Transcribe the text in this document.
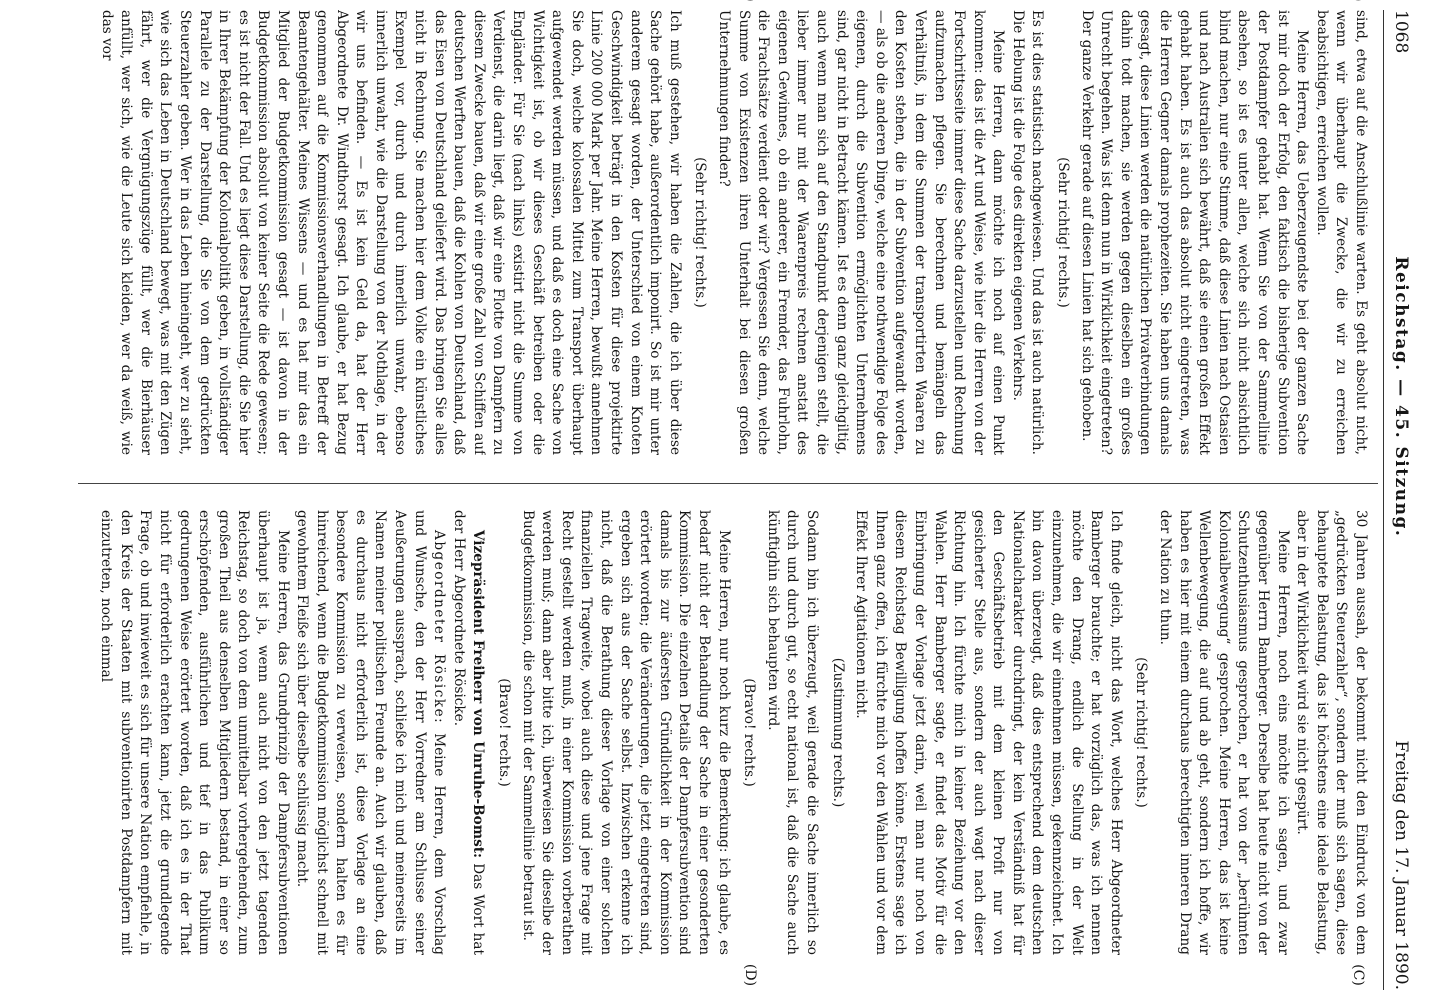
1068
Reichstag. — 45. Sitzung.
Freitag den 17. Januar 1890.
(C)
(D)

sind, etwa auf die Anschlußlinie warten. Es geht absolut nicht, wenn wir überhaupt die Zwecke, die wir zu erreichen beabsichtigen, erreichen wollen.

Meine Herren, das Ueberzeugendste bei der ganzen Sache ist mir doch der Erfolg, den faktisch die bisherige Subvention der Postdampfer gehabt hat. Wenn Sie von der Sammellinie absehen, so ist es unter allen, welche sich nicht absichtlich blind machen, nur eine Stimme, daß diese Linien nach Ostasien und nach Australien sich bewährt, daß sie einen großen Effekt gehabt haben. Es ist auch das absolut nicht eingetreten, was die Herren Gegner damals prophezeiten. Sie haben uns damals gesagt, diese Linien werden die natürlichen Privatverbindungen dahin todt machen, sie werden gegen dieselben ein großes Unrecht begehen. Was ist denn nun in Wirklichkeit eingetreten? Der ganze Verkehr gerade auf diesen Linien hat sich gehoben.

(Sehr richtig! rechts.)

Es ist dies statistisch nachgewiesen. Und das ist auch natürlich. Die Hebung ist die Folge des direkten eigenen Verkehrs.

Meine Herren, dann möchte ich noch auf einen Punkt kommen: das ist die Art und Weise, wie hier die Herren von der Fortschrittsseite immer diese Sache darzustellen und Rechnung aufzumachen pflegen. Sie berechnen und bemängeln das Verhältniß, in dem die Summen der transportirten Waaren zu den Kosten stehen, die in der Subvention aufgewandt worden, — als ob die anderen Dinge, welche eine nothwendige Folge des eigenen, durch die Subvention ermöglichten Unternehmens sind, gar nicht in Betracht kämen. Ist es denn ganz gleichgiltig, auch wenn man sich auf den Standpunkt derjenigen stellt, die lieber immer nur mit der Waarenpreis rechnen anstatt des eigenen Gewinnes, ob ein anderer, ein Fremder, das Fuhrlohn, die Frachtsätze verdient oder wir? Vergessen Sie denn, welche Summe von Existenzen ihren Unterhalt bei diesen großen Unternehmungen finden?

(Sehr richtig! rechts.)

Ich muß gestehen, wir haben die Zahlen, die ich über diese Sache gehört habe, außerordentlich imponirt. So ist mir unter anderem gesagt worden, der Unterschied von einem Knoten Geschwindigkeit beträgt in den Kosten für diese projektirte Linie 200 000 Mark per Jahr. Meine Herren, bewußt annehmen Sie doch, welche kolossalen Mittel zum Transport überhaupt aufgewendet werden müssen, und daß es doch eine Sache von Wichtigkeit ist, ob wir dieses Geschäft betreiben oder die Engländer. Für Sie (nach links) existirt nicht die Summe von Verdienst, die darin liegt, daß wir eine Flotte von Dampfern zu diesem Zwecke bauen, daß wir eine große Zahl von Schiffen auf deutschen Werften bauen, daß die Kohlen von Deutschland, daß das Eisen von Deutschland geliefert wird. Das bringen Sie alles nicht in Rechnung. Sie machen hier dem Volke ein künstliches Exempel vor, durch und durch innerlich unwahr, ebenso innerlich unwahr, wie die Darstellung von der Nothlage, in der wir uns befinden. — Es ist kein Geld da, hat der Herr Abgeordnete Dr. Windthorst gesagt. Ich glaube, er hat Bezug genommen auf die Kommissionsverhandlungen in Betreff der Beamtengehälter. Meines Wissens — und es hat mir das ein Mitglied der Budgetkommission gesagt — ist davon in der Budgetkommission absolut von keiner Seite die Rede gewesen; es ist nicht der Fall. Und es liegt diese Darstellung, die Sie hier in Ihrer Bekämpfung der Kolonialpolitik geben, in vollständiger Parallele zu der Darstellung, die Sie von dem gedrückten Steuerzahler geben. Wer in das Leben hineingeht, wer zu sieht, wie sich das Leben in Deutschland bewegt, was mit den Zügen fährt, wer die Vergnügungszüge füllt, wer die Bierhäuser anfüllt, wer sich, wie die Leute sich kleiden, wer da weiß, wie das vor

30 Jahren aussah, der bekommt nicht den Eindruck von dem „gedrückten Steuerzahler“, sondern der muß sich sagen, diese behauptete Belastung, das ist höchstens eine ideale Belastung, aber in der Wirklichkeit wird sie nicht gespürt.

Meine Herren, noch eins möchte ich sagen, und zwar gegenüber Herrn Bamberger. Derselbe hat heute nicht von der Schutzenthusiasmus gesprochen, er hat von der „berühmten Kolonialbewegung“ gesprochen. Meine Herren, das ist keine Wellenbewegung, die auf und ab geht, sondern ich hoffe, wir haben es hier mit einem durchaus berechtigten inneren Drang der Nation zu thun.

(Sehr richtig! rechts.)

Ich finde gleich, nicht das Wort, welches Herr Abgeordneter Bamberger brauchte; er hat vorzüglich das, was ich nennen möchte den Drang, endlich die Stellung in der Welt einzunehmen, die wir einnehmen müssen, gekennzeichnet. Ich bin davon überzeugt, daß dies entsprechend dem deutschen Nationalcharakter durchdringt, der kein Verständniß hat für den Geschäftsbetrieb mit dem kleinen Profit nur von gesicherter Stelle aus, sondern der auch wagt nach dieser Richtung hin. Ich fürchte mich in keiner Beziehung vor den Wahlen. Herr Bamberger sagte, er findet das Motiv für die Einbringung der Vorlage jetzt darin, weil man nur noch von diesem Reichstag Bewilligung hoffen könne. Erstens sage ich Ihnen ganz offen, ich fürchte mich vor den Wahlen und vor dem Effekt Ihrer Agitationen nicht.

(Zustimmung rechts.)

Sodann bin ich überzeugt, weil gerade die Sache innerlich so durch und durch gut, so echt national ist, daß die Sache auch künftighin sich behaupten wird.

(Bravo! rechts.)

Meine Herren, nur noch kurz die Bemerkung: ich glaube, es bedarf nicht der Behandlung der Sache in einer gesonderten Kommission. Die einzelnen Details der Dampfersubvention sind damals bis zur äußersten Gründlichkeit in der Kommission erörtert worden; die Veränderungen, die jetzt eingetreten sind, ergeben sich aus der Sache selbst. Inzwischen erkenne ich nicht, daß die Berathung dieser Vorlage von einer solchen finanziellen Tragweite, wobei auch diese und jene Frage mit Recht gestellt werden muß, in einer Kommission vorberathen werden muß; dann aber bitte ich, überweisen Sie dieselbe der Budgetkommission, die schon mit der Sammellinie betraut ist.

(Bravo! rechts.)

Vizepräsident Freiherr von Unruhe-Bomst: Das Wort hat der Herr Abgeordnete Rösicke.

Abgeordneter Rösicke: Meine Herren, dem Vorschlag und Wunsche, den der Herr Vorredner am Schlusse seiner Aeußerungen aussprach, schließe ich mich und meinerseits im Namen meiner politischen Freunde an. Auch wir glauben, daß es durchaus nicht erforderlich ist, diese Vorlage an eine besondere Kommission zu verweisen, sondern halten es für hinreichend, wenn die Budgetkommission möglichst schnell mit gewohntem Fleiße sich über dieselbe schlüssig macht.

Meine Herren, das Grundprinzip der Dampfersubventionen überhaupt ist ja, wenn auch nicht von den jetzt tagenden Reichstag, so doch von dem unmittelbar vorhergehenden, zum großen Theil aus denselben Mitgliedern bestand, in einer so erschöpfenden, ausführlichen und tief in das Publikum gedrungenen Weise erörtert worden, daß ich es in der That nicht für erforderlich erachten kann, jetzt die grundlegende Frage, ob und inwieweit es sich für unsere Nation empfiehle, in den Kreis der Staaten mit subventionirten Postdampfern mit einzutreten, noch einmal
